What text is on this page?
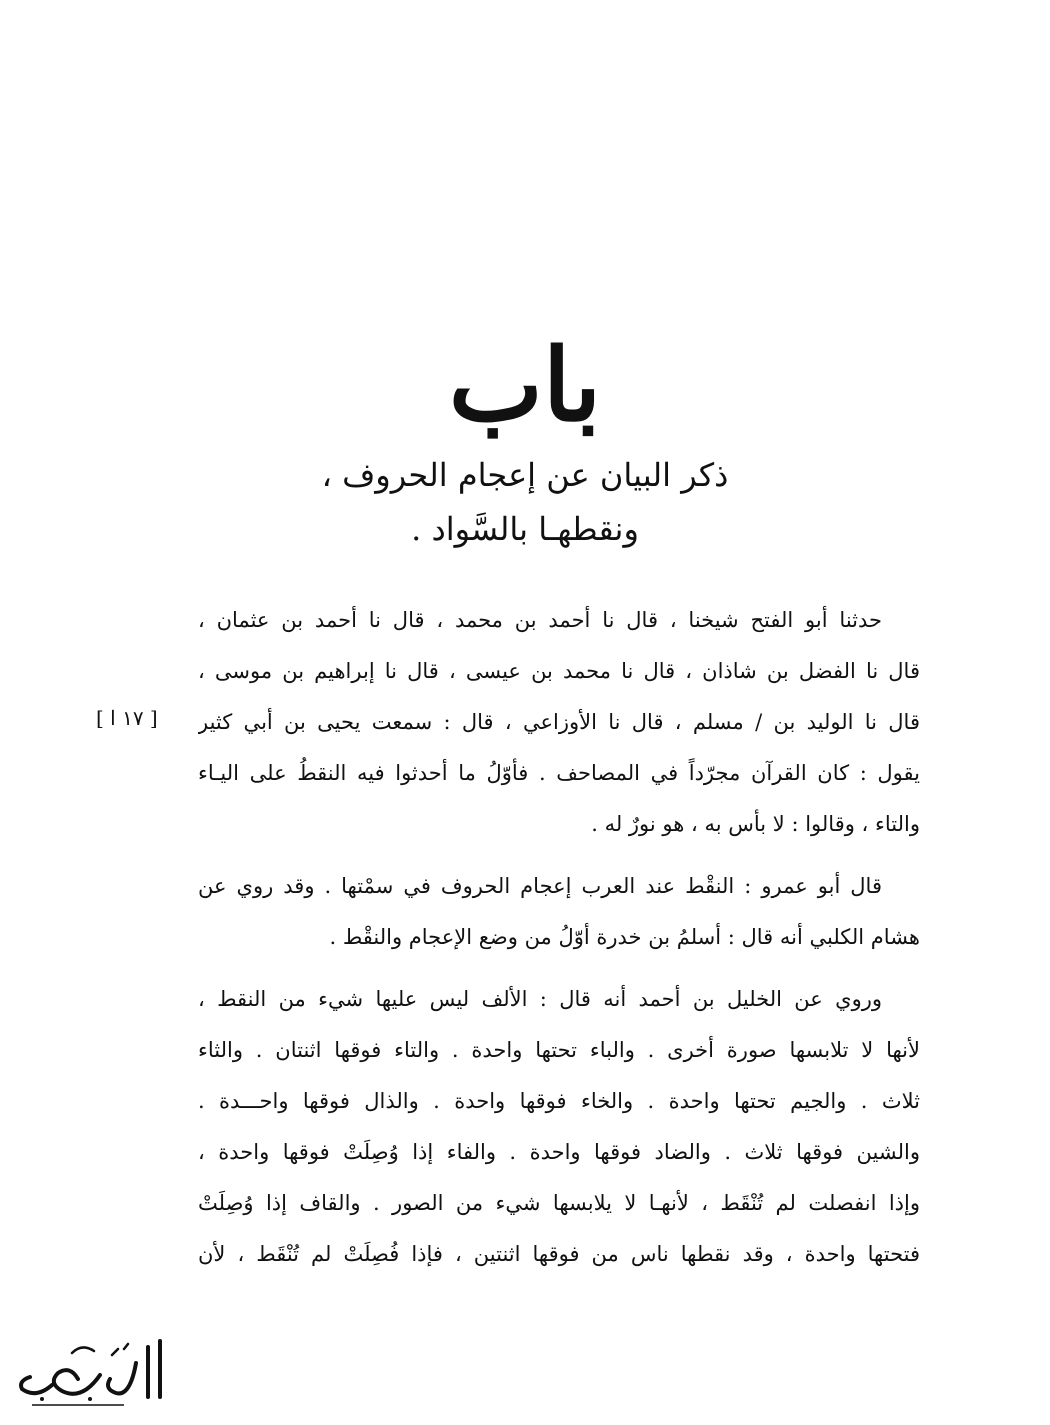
باب
ذكر البيان عن إعجام الحروف ،
ونقطهـا بالسَّواد .
[ ١٧ ا ]
حدثنا أبو الفتح شيخنا ، قال نا أحمد بن محمد ، قال نا أحمد بن عثمان ،
قال نا الفضل بن شاذان ، قال نا محمد بن عيسى ، قال نا إبراهيم بن موسى ،
قال نا الوليد بن / مسلم ، قال نا الأوزاعي ، قال : سمعت يحيى بن أبي كثير
يقول : كان القرآن مجرّداً في المصاحف . فأوّلُ ما أحدثوا فيه النقطُ على اليـاء
والتاء ، وقالوا : لا بأس به ، هو نورٌ له .
قال أبو عمرو : النقْط عند العرب إعجام الحروف في سمْتها . وقد روي عن
هشام الكلبي أنه قال : أسلمُ بن خدرة أوّلُ من وضع الإعجام والنقْط .
وروي عن الخليل بن أحمد أنه قال : الألف ليس عليها شيء من النقط ،
لأنها لا تلابسها صورة أخرى . والباء تحتها واحدة . والتاء فوقها اثنتان . والثاء
ثلاث . والجيم تحتها واحدة . والخاء فوقها واحدة . والذال فوقها واحـــدة .
والشين فوقها ثلاث . والضاد فوقها واحدة . والفاء إذا وُصِلَتْ فوقها واحدة ،
وإذا انفصلت لم تُنْقَط ، لأنهـا لا يلابسها شيء من الصور . والقاف إذا وُصِلَتْ
فتحتها واحدة ، وقد نقطها ناس من فوقها اثنتين ، فإذا فُصِلَتْ لم تُنْقَط ، لأن
